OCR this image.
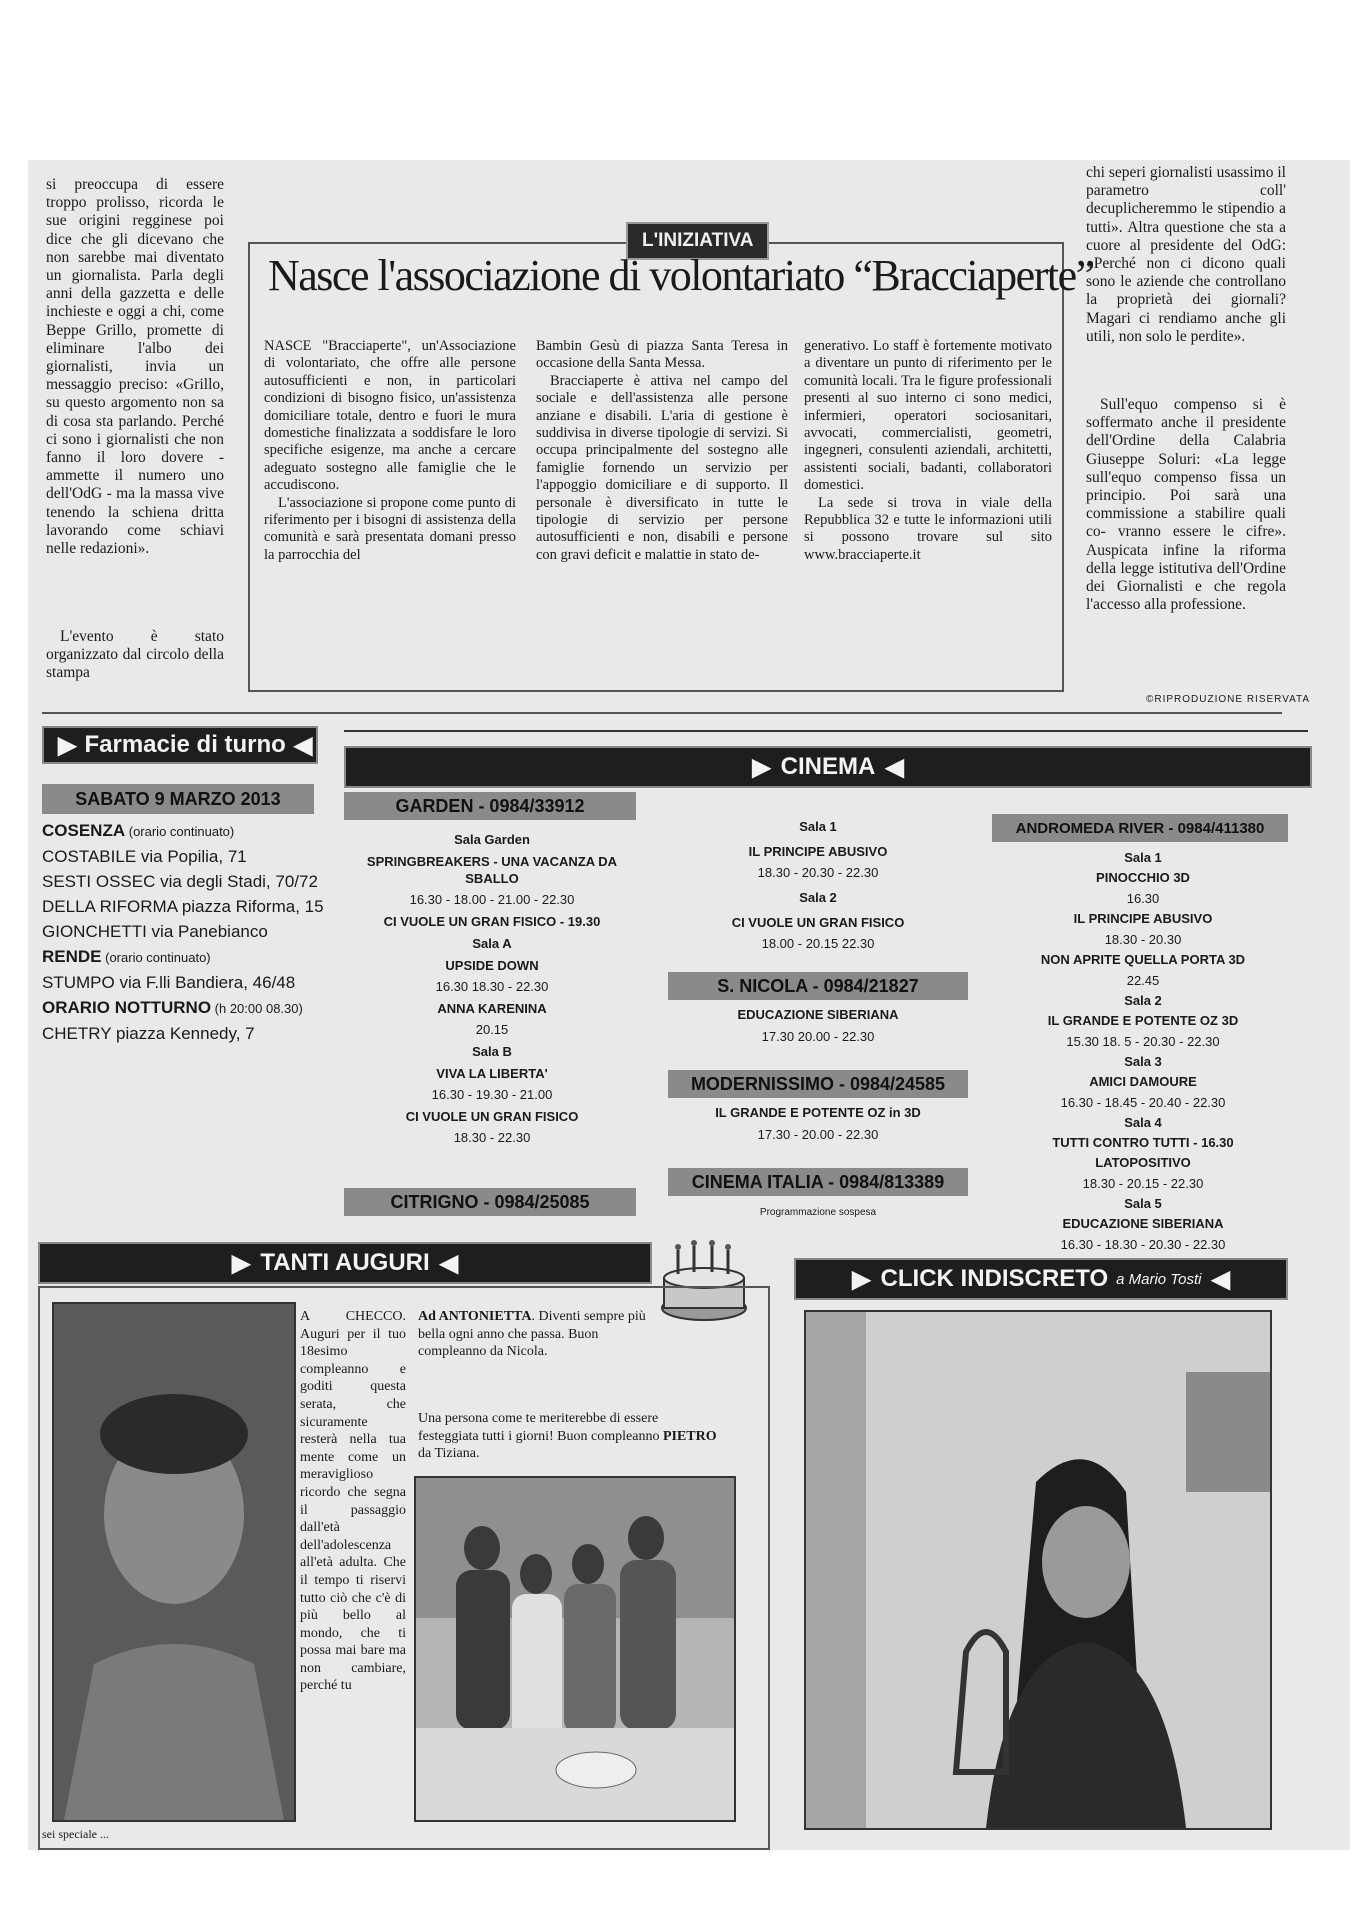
si preoccupa di essere troppo prolisso, ricorda le sue origini regginese poi dice che gli dicevano che non sarebbe mai diventato un giornalista. Parla degli anni della gazzetta e delle inchieste e oggi a chi, come Beppe Grillo, promette di eliminare l'albo dei giornalisti, invia un messaggio preciso: «Grillo, su questo argomento non sa di cosa sta parlando. Perché ci sono i giornalisti che non fanno il loro dovere - ammette il numero uno dell'OdG - ma la massa vive tenendo la schiena dritta lavorando come schiavi nelle redazioni».
L'evento è stato organizzato dal circolo della stampa
chi seperi giornalisti usassimo il parametro coll' decuplicheremmo le stipendio a tutti». Altra questione che sta a cuore al presidente del OdG: «Perché non ci dicono quali sono le aziende che controllano la proprietà dei giornali? Magari ci rendiamo anche gli utili, non solo le perdite».
Sull'equo compenso si è soffermato anche il presidente dell'Ordine della Calabria Giuseppe Soluri: «La legge sull'equo compenso fissa un principio. Poi sarà una commissione a stabilire quali co- vranno essere le cifre». Auspicata infine la riforma della legge istitutiva dell'Ordine dei Giornalisti e che regola l'accesso alla professione.
©RIPRODUZIONE RISERVATA
L'INIZIATIVA
Nasce l'associazione di volontariato “Bracciaperte”
NASCE "Bracciaperte", un'Associazione di volontariato, che offre alle persone autosufficienti e non, in particolari condizioni di bisogno fisico, un'assistenza domiciliare totale, dentro e fuori le mura domestiche finalizzata a soddisfare le loro specifiche esigenze, ma anche a cercare adeguato sostegno alle famiglie che le accudiscono.

L'associazione si propone come punto di riferimento per i bisogni di assistenza della comunità e sarà presentata domani presso la parrocchia del
Bambin Gesù di piazza Santa Teresa in occasione della Santa Messa.

Bracciaperte è attiva nel campo del sociale e dell'assistenza alle persone anziane e disabili. L'aria di gestione è suddivisa in diverse tipologie di servizi. Si occupa principalmente del sostegno alle famiglie fornendo un servizio per l'appoggio domiciliare e di supporto. Il personale è diversificato in tutte le tipologie di servizio per persone autosufficienti e non, disabili e persone con gravi deficit e malattie in stato de-
generativo. Lo staff è fortemente motivato a diventare un punto di riferimento per le comunità locali. Tra le figure professionali presenti al suo interno ci sono medici, infermieri, operatori sociosanitari, avvocati, commercialisti, geometri, ingegneri, consulenti aziendali, architetti, assistenti sociali, badanti, collaboratori domestici.

La sede si trova in viale della Repubblica 32 e tutte le informazioni utili si possono trovare sul sito www.bracciaperte.it
▶ Farmacie di turno ◀
SABATO 9 MARZO 2013
COSENZA (orario continuato)
COSTABILE via Popilia, 71
SESTI OSSEC via degli Stadi, 70/72
DELLA RIFORMA piazza Riforma, 15
GIONCHETTI via Panebianco
RENDE (orario continuato)
STUMPO via F.lli Bandiera, 46/48
ORARIO NOTTURNO (h 20:00 08.30)
CHETRY piazza Kennedy, 7
▶ CINEMA ◀
GARDEN - 0984/33912
Sala Garden
SPRINGBREAKERS - UNA VACANZA DA SBALLO
16.30 - 18.00 - 21.00 - 22.30
CI VUOLE UN GRAN FISICO - 19.30
Sala A
UPSIDE DOWN
16.30 18.30 - 22.30
ANNA KARENINA
20.15
Sala B
VIVA LA LIBERTA'
16.30 - 19.30 - 21.00
CI VUOLE UN GRAN FISICO
18.30 - 22.30
CITRIGNO - 0984/25085
Sala 1
IL PRINCIPE ABUSIVO
18.30 - 20.30 - 22.30
Sala 2
CI VUOLE UN GRAN FISICO
18.00 - 20.15 22.30
S. NICOLA - 0984/21827
EDUCAZIONE SIBERIANA
17.30 20.00 - 22.30
MODERNISSIMO - 0984/24585
IL GRANDE E POTENTE OZ in 3D
17.30 - 20.00 - 22.30
CINEMA ITALIA - 0984/813389
Programmazione sospesa
ANDROMEDA RIVER - 0984/411380
Sala 1
PINOCCHIO 3D
16.30
IL PRINCIPE ABUSIVO
18.30 - 20.30
NON APRITE QUELLA PORTA 3D
22.45
Sala 2
IL GRANDE E POTENTE OZ 3D
15.30 18. 5 - 20.30 - 22.30
Sala 3
AMICI DAMOURE
16.30 - 18.45 - 20.40 - 22.30
Sala 4
TUTTI CONTRO TUTTI - 16.30
LATOPOSITIVO
18.30 - 20.15 - 22.30
Sala 5
EDUCAZIONE SIBERIANA
16.30 - 18.30 - 20.30 - 22.30
▶ TANTI AUGURI ◀
A CHECCO. Auguri per il tuo 18esimo compleanno e goditi questa serata, che sicuramente resterà nella tua mente come un meraviglioso ricordo che segna il passaggio dall'età dell'adolescenza all'età adulta. Che il tempo ti riservi tutto ciò che c'è di più bello al mondo, che ti possa mai bare ma non cambiare, perché tu
Ad ANTONIETTA. Diventi sempre più bella ogni anno che passa. Buon compleanno da Nicola.
Una persona come te meriterebbe di essere festeggiata tutti i giorni! Buon compleanno PIETRO da Tiziana.
sei speciale ...
▶ CLICK INDISCRETO a Mario Tosti ◀
